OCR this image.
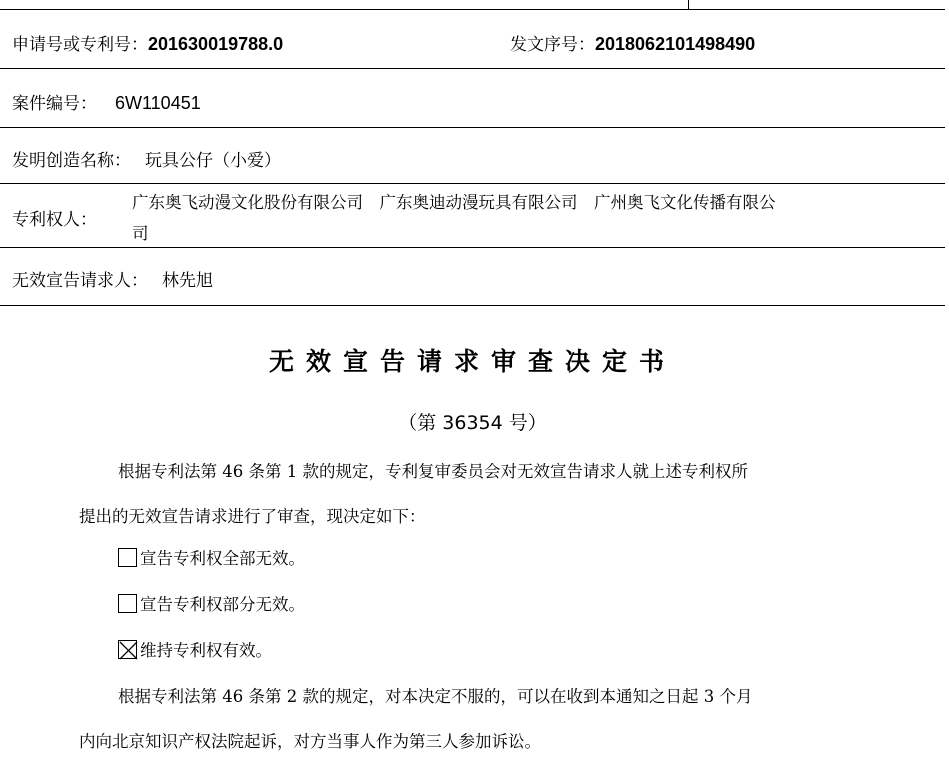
申请号或专利号：201630019788.0	发文序号：2018062101498490
案件编号： 6W110451
发明创造名称： 玩具公仔（小爱）
专利权人：
广东奥飞动漫文化股份有限公司　广东奥迪动漫玩具有限公司　广州奥飞文化传播有限公
司
无效宣告请求人： 林先旭
无效宣告请求审查决定书
（第 36354 号）
根据专利法第 46 条第 1 款的规定，专利复审委员会对无效宣告请求人就上述专利权所
提出的无效宣告请求进行了审查，现决定如下：
宣告专利权全部无效。
宣告专利权部分无效。
维持专利权有效。
根据专利法第 46 条第 2 款的规定，对本决定不服的，可以在收到本通知之日起 3 个月
内向北京知识产权法院起诉，对方当事人作为第三人参加诉讼。
